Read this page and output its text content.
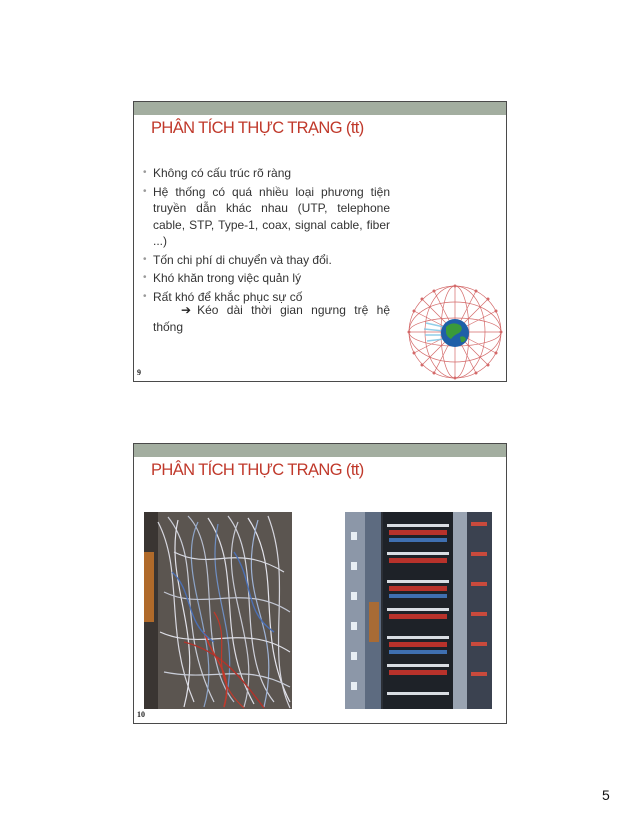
PHÂN TÍCH THỰC TRẠNG (tt)
• Không có cấu trúc rõ ràng
• Hệ thống có quá nhiều loại phương tiện truyền dẫn khác nhau (UTP, telephone cable, STP, Type-1, coax, signal cable, fiber ...)
• Tốn chi phí di chuyển và thay đổi.
• Khó khăn trong việc quản lý
• Rất khó để khắc phục sự cố
➔ Kéo dài thời gian ngưng trệ hệ thống
9
PHÂN TÍCH THỰC TRẠNG (tt)
10
5
